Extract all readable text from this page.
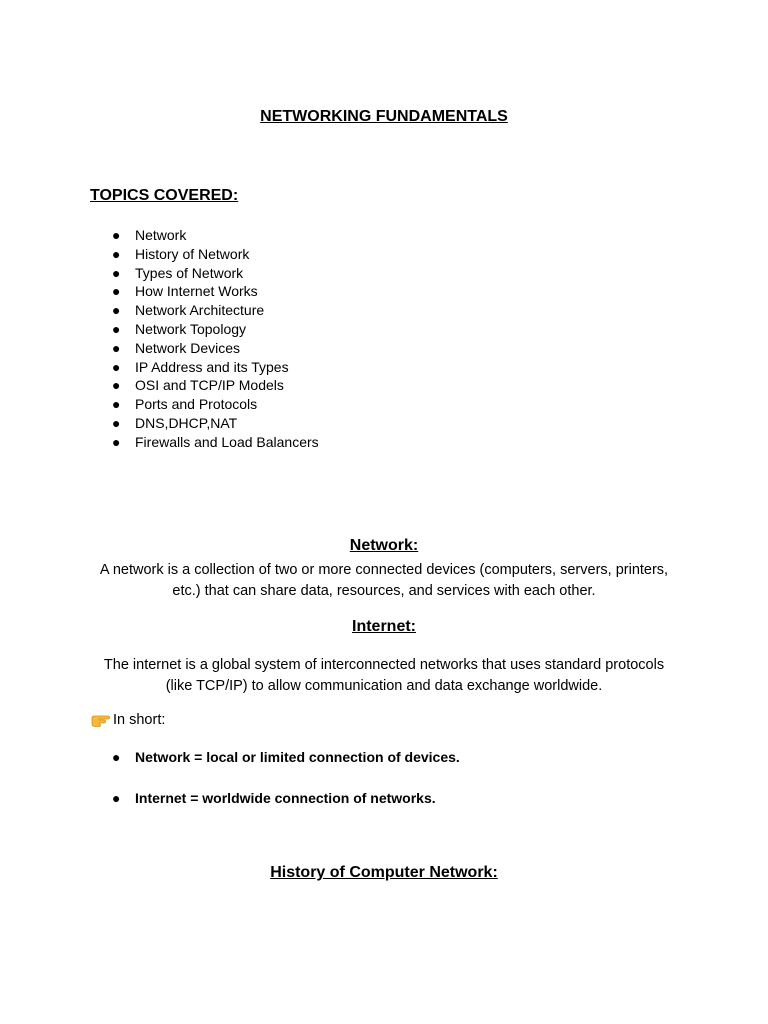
NETWORKING FUNDAMENTALS
TOPICS COVERED:
● Network
● History of Network
● Types of Network
● How Internet Works
● Network Architecture
● Network Topology
● Network Devices
● IP Address and its Types
● OSI and TCP/IP Models
● Ports and Protocols
● DNS,DHCP,NAT
● Firewalls and Load Balancers
Network:

A network is a collection of two or more connected devices (computers, servers, printers, etc.) that can share data, resources, and services with each other.

Internet:

The internet is a global system of interconnected networks that uses standard protocols (like TCP/IP) to allow communication and data exchange worldwide.

In short:
● Network = local or limited connection of devices.
● Internet = worldwide connection of networks.
History of Computer Network:
